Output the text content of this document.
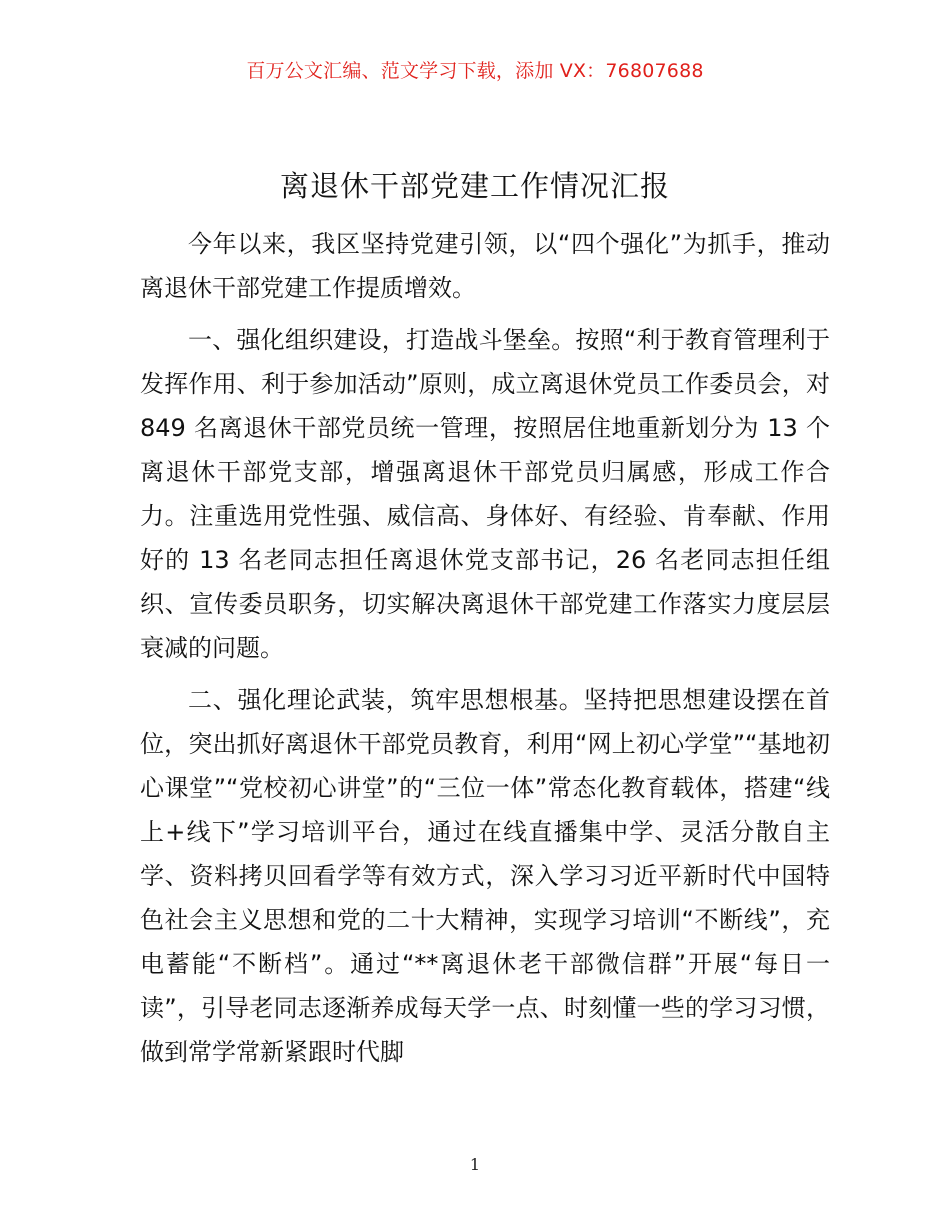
百万公文汇编、范文学习下载，添加 VX：76807688
离退休干部党建工作情况汇报

今年以来，我区坚持党建引领，以“四个强化”为抓手，推动离退休干部党建工作提质增效。

一、强化组织建设，打造战斗堡垒。按照“利于教育管理利于发挥作用、利于参加活动”原则，成立离退休党员工作委员会，对 849 名离退休干部党员统一管理，按照居住地重新划分为 13 个离退休干部党支部，增强离退休干部党员归属感，形成工作合力。注重选用党性强、威信高、身体好、有经验、肯奉献、作用好的 13 名老同志担任离退休党支部书记，26 名老同志担任组织、宣传委员职务，切实解决离退休干部党建工作落实力度层层衰减的问题。

二、强化理论武装，筑牢思想根基。坚持把思想建设摆在首位，突出抓好离退休干部党员教育，利用“网上初心学堂”“基地初心课堂”“党校初心讲堂”的“三位一体”常态化教育载体，搭建“线上+线下”学习培训平台，通过在线直播集中学、灵活分散自主学、资料拷贝回看学等有效方式，深入学习习近平新时代中国特色社会主义思想和党的二十大精神，实现学习培训“不断线”，充电蓄能“不断档”。通过“**离退休老干部微信群”开展“每日一读”，引导老同志逐渐养成每天学一点、时刻懂一些的学习习惯，做到常学常新紧跟时代脚

1
